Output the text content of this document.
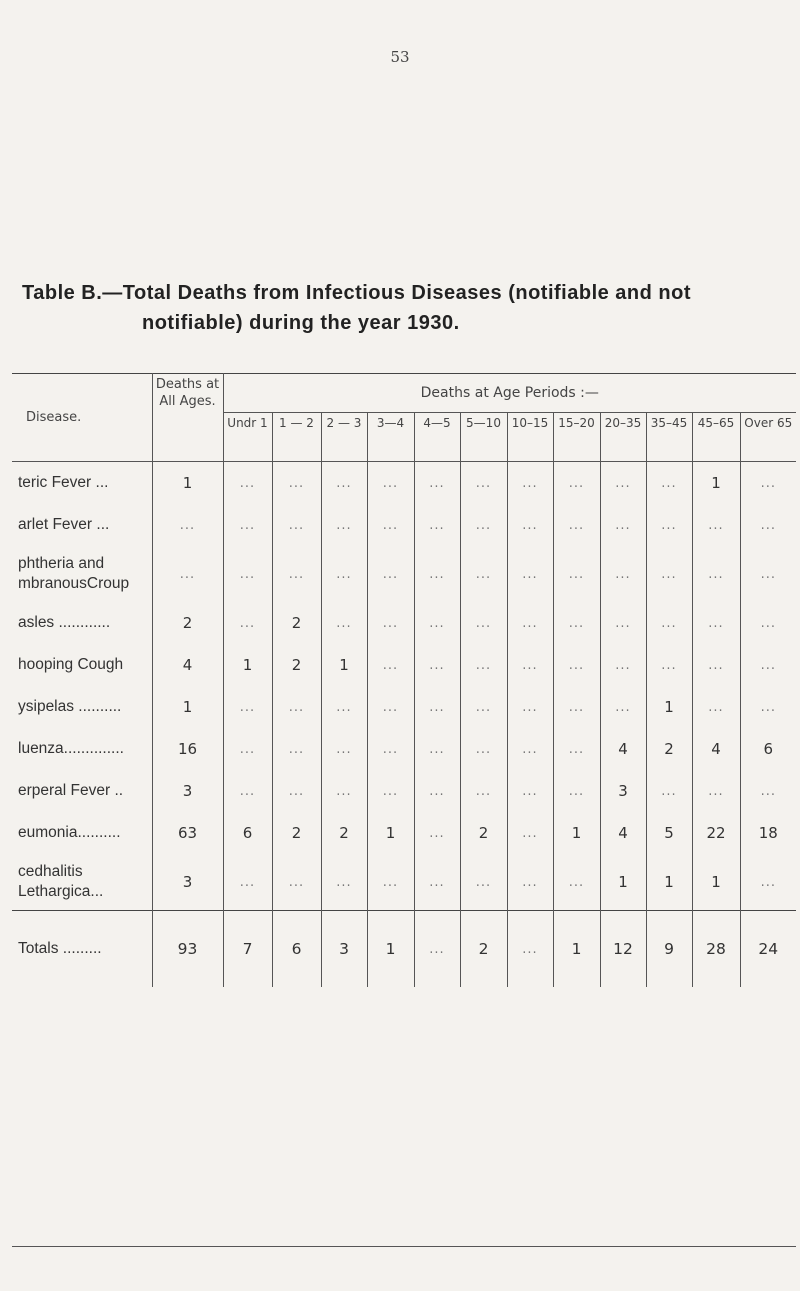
53
Table B.—Total Deaths from Infectious Diseases (notifiable and not
notifiable) during the year 1930.
Disease.	Deaths at All Ages.	Deaths at Age Periods :—											
		Undr 1	1 — 2	2 — 3	3—4	4—5	5—10	10–15	15–20	20–35	35–45	45–65	Over 65

teric Fever ...	1	...	...	...	...	...	...	...	...	...	...	1	...
arlet Fever ...	...	...	...	...	...	...	...	...	...	...	...	...	...
phtheria and mbranousCroup	...	...	...	...	...	...	...	...	...	...	...	...	...
asles ............	2	...	2	...	...	...	...	...	...	...	...	...	...
hooping Cough	4	1	2	1	...	...	...	...	...	...	...	...	...
ysipelas ..........	1	...	...	...	...	...	...	...	...	...	1	...	...
luenza..............	16	...	...	...	...	...	...	...	...	4	2	4	6
erperal Fever ..	3	...	...	...	...	...	...	...	...	3	...	...	...
eumonia..........	63	6	2	2	1	...	2	...	1	4	5	22	18
cedhalitis Lethargica...	3	...	...	...	...	...	...	...	...	1	1	1	...
Totals .........	93	7	6	3	1	...	2	...	1	12	9	28	24
